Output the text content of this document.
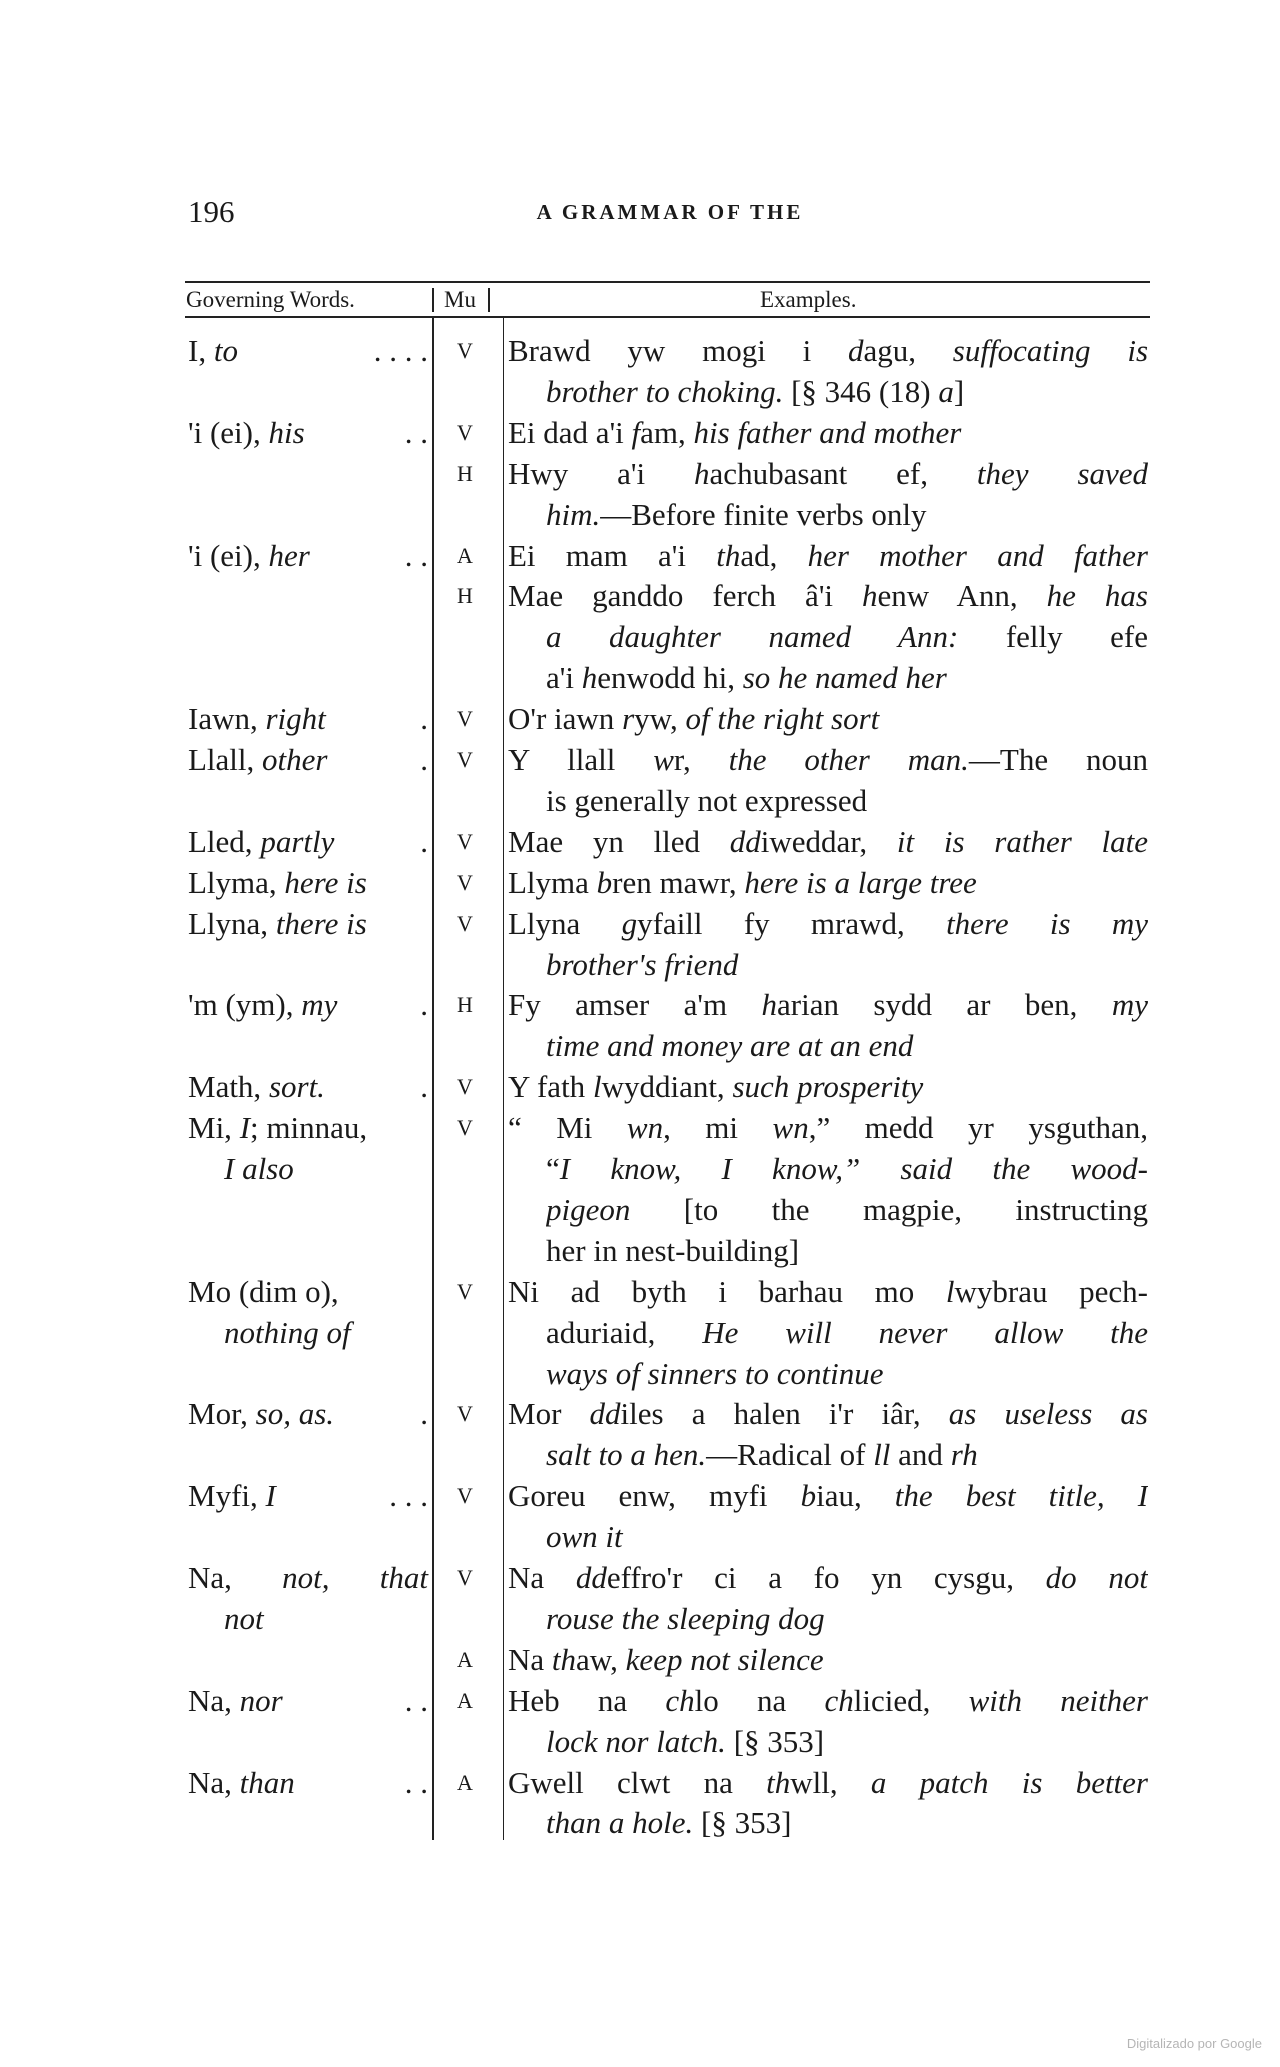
196	A GRAMMAR OF THE
Governing Words.	Mu	Examples.
I, to	. . . .	V Brawd yw mogi i dagu, suffocating is
brother to choking. [§ 346 (18) a]
'i (ei), his	. .	V Ei dad a'i fam, his father and mother
H Hwy a'i hachubasant ef, they saved
him.—Before finite verbs only
'i (ei), her	. .	A Ei mam a'i thad, her mother and father
H Mae ganddo ferch â'i henw Ann, he has
a daughter named Ann: felly efe
a'i henwodd hi, so he named her
Iawn, right	.	V O'r iawn ryw, of the right sort
Llall, other	.	V Y llall wr, the other man.—The noun
is generally not expressed
Lled, partly	.	V Mae yn lled ddiweddar, it is rather late
Llyma, here is	V Llyma bren mawr, here is a large tree
Llyna, there is	V Llyna gyfaill fy mrawd, there is my
brother's friend
'm (ym), my	.	H Fy amser a'm harian sydd ar ben, my
time and money are at an end
Math, sort.	.	V Y fath lwyddiant, such prosperity
Mi, I; minnau,	V “ Mi wn, mi wn,” medd yr ysguthan,
I also	“I know, I know,” said the wood-
pigeon [to the magpie, instructing
her in nest-building]
Mo (dim o),	V Ni ad byth i barhau mo lwybrau pech-
nothing of	aduriaid, He will never allow the
ways of sinners to continue
Mor, so, as.	.	V Mor ddiles a halen i'r iâr, as useless as
salt to a hen.—Radical of ll and rh
Myfi, I	. . .	V Goreu enw, myfi biau, the best title, I
own it
Na, not, that	V Na ddeffro'r ci a fo yn cysgu, do not
not	rouse the sleeping dog
A Na thaw, keep not silence
Na, nor	. .	A Heb na chlo na chlicied, with neither
lock nor latch. [§ 353]
Na, than	. .	A Gwell clwt na thwll, a patch is better
than a hole. [§ 353]
Digitalizado por Google
